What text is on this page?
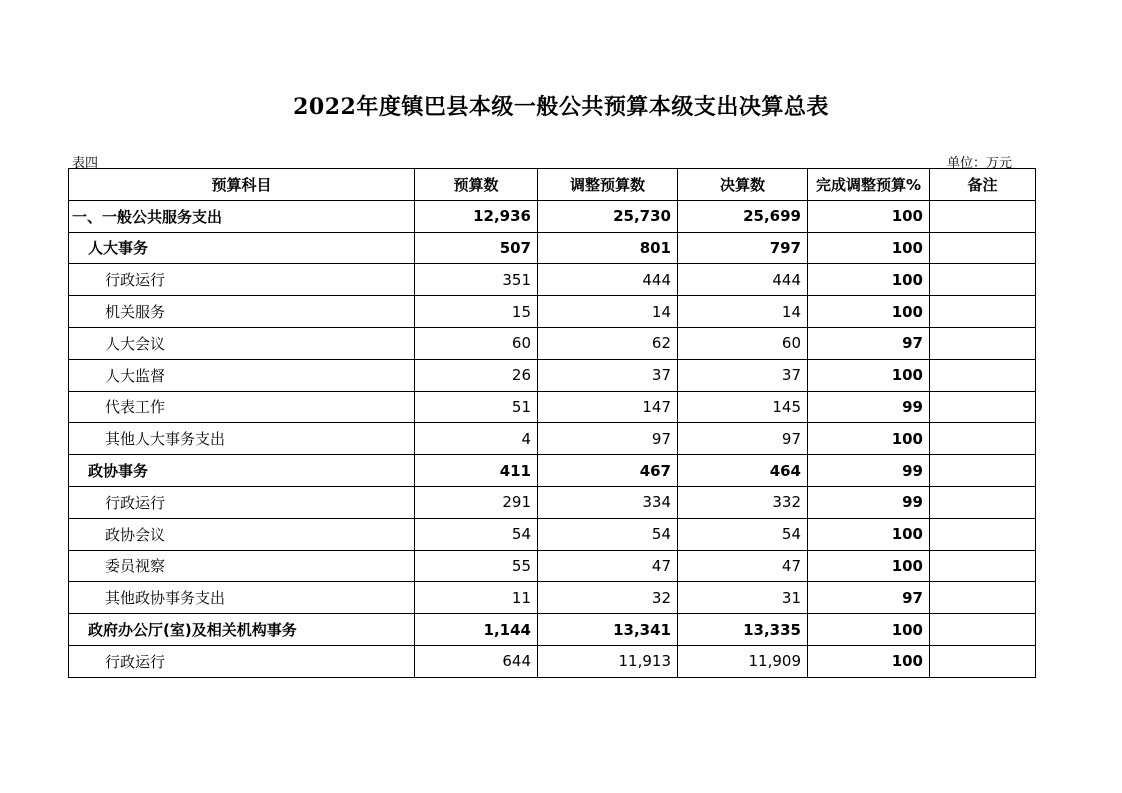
2022年度镇巴县本级一般公共预算本级支出决算总表
表四	单位：万元
预算科目	预算数	调整预算数	决算数	完成调整预算%	备注
一、一般公共服务支出	12,936	25,730	25,699	100	
人大事务	507	801	797	100	
行政运行	351	444	444	100	
机关服务	15	14	14	100	
人大会议	60	62	60	97	
人大监督	26	37	37	100	
代表工作	51	147	145	99	
其他人大事务支出	4	97	97	100	
政协事务	411	467	464	99	
行政运行	291	334	332	99	
政协会议	54	54	54	100	
委员视察	55	47	47	100	
其他政协事务支出	11	32	31	97	
政府办公厅(室)及相关机构事务	1,144	13,341	13,335	100	
行政运行	644	11,913	11,909	100	
